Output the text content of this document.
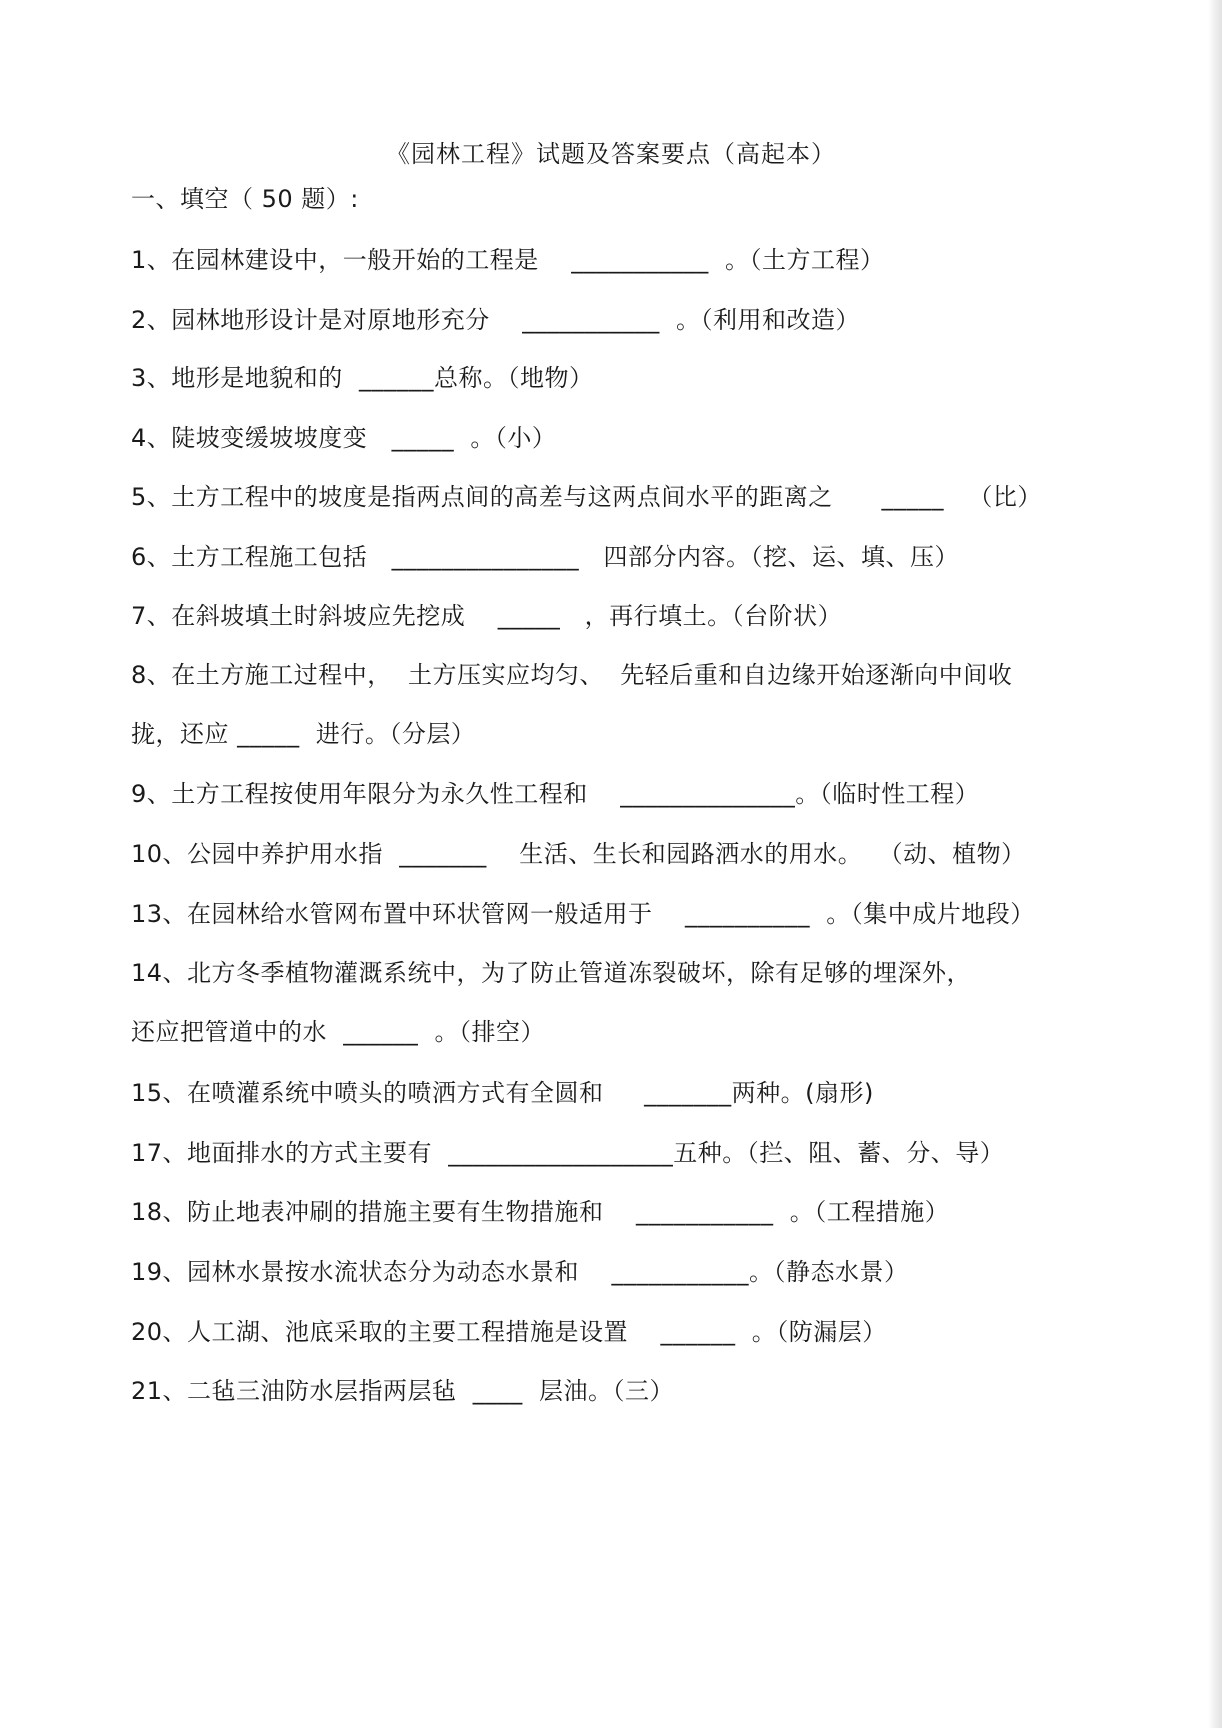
《园林工程》试题及答案要点（高起本）
一、填空（ 50 题）:
1、在园林建设中，一般开始的工程是    ___________  。（土方工程）
2、园林地形设计是对原地形充分    ___________  。（利用和改造）
3、地形是地貌和的  ______总称。（地物）
4、陡坡变缓坡坡度变   _____  。（小）
5、土方工程中的坡度是指两点间的高差与这两点间水平的距离之      _____   （比）
6、土方工程施工包括   _______________   四部分内容。（挖、运、填、压）
7、在斜坡填土时斜坡应先挖成    _____   ，再行填土。（台阶状）
8、在土方施工过程中，  土方压实应均匀、  先轻后重和自边缘开始逐渐向中间收
拢，还应 _____  进行。（分层）
9、土方工程按使用年限分为永久性工程和    ______________。（临时性工程）
10、公园中养护用水指  _______    生活、生长和园路洒水的用水。  （动、植物）
13、在园林给水管网布置中环状管网一般适用于    __________  。（集中成片地段）
14、北方冬季植物灌溉系统中，为了防止管道冻裂破坏，除有足够的埋深外，
还应把管道中的水  ______  。（排空）
15、在喷灌系统中喷头的喷洒方式有全圆和     _______两种。(扇形)
17、地面排水的方式主要有  __________________五种。（拦、阻、蓄、分、导）
18、防止地表冲刷的措施主要有生物措施和    ___________  。（工程措施）
19、园林水景按水流状态分为动态水景和    ___________。（静态水景）
20、人工湖、池底采取的主要工程措施是设置    ______  。（防漏层）
21、二毡三油防水层指两层毡  ____  层油。（三）
